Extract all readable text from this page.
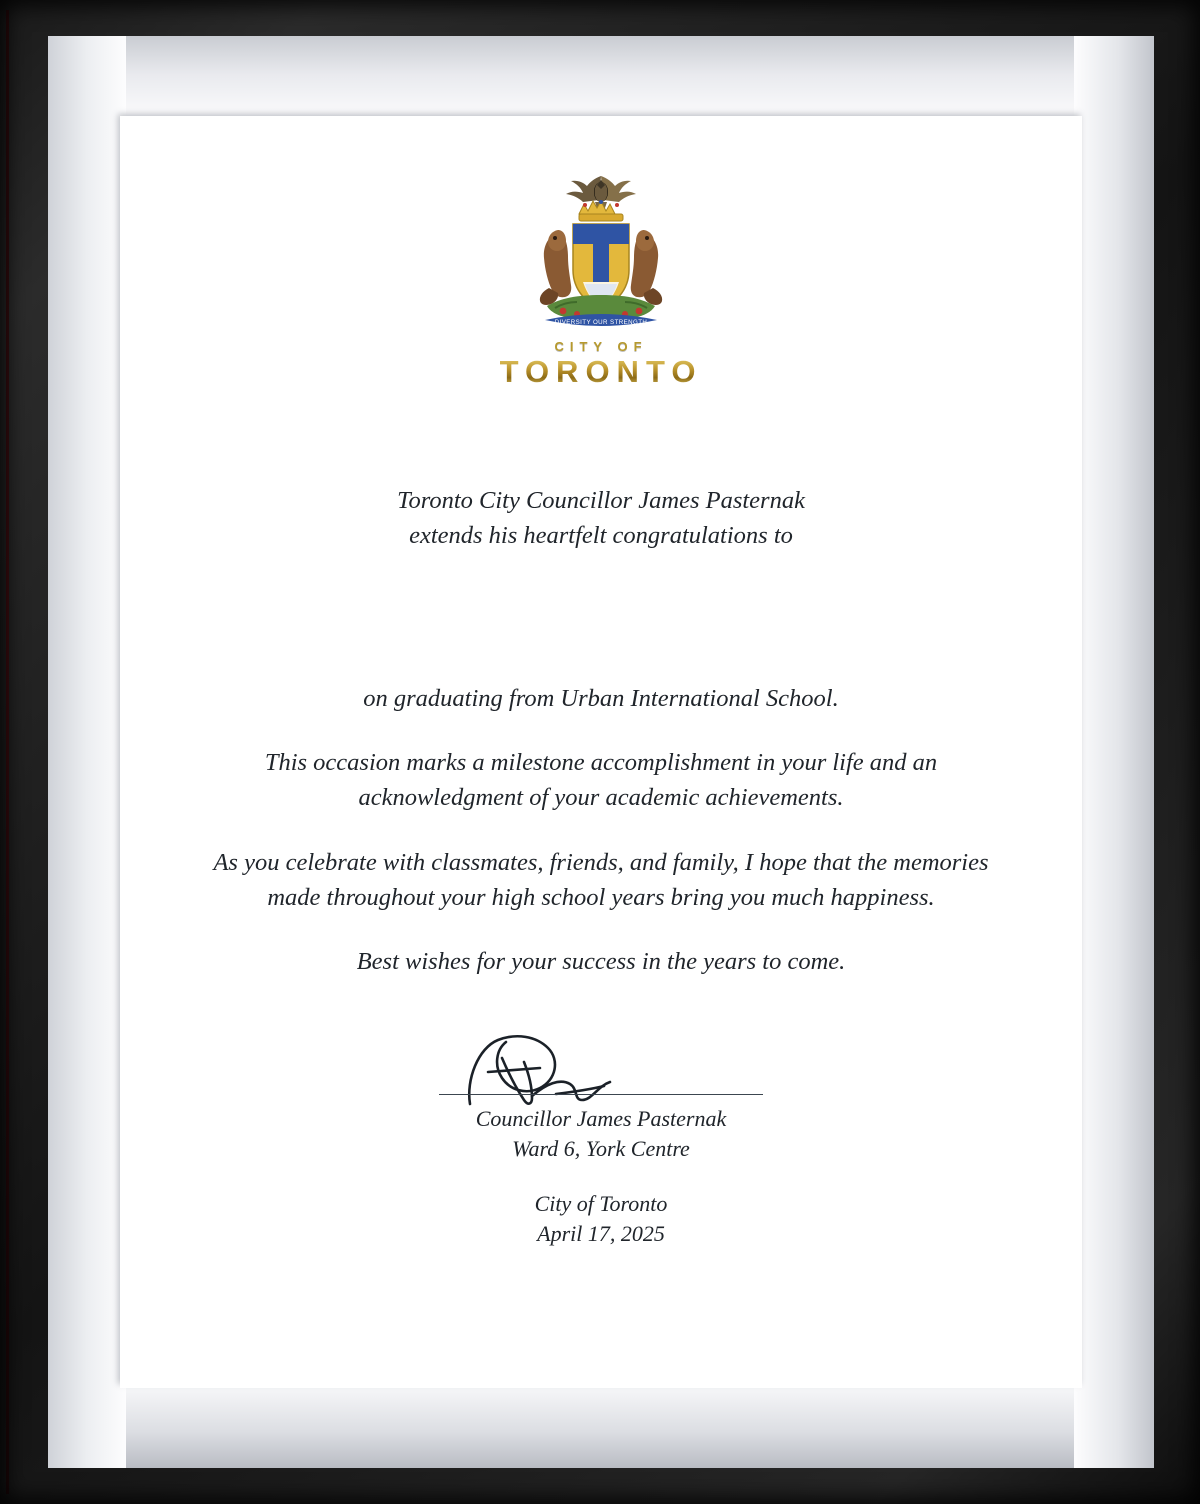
DIVERSITY OUR STRENGTH
CITY OF
TORONTO
Toronto City Councillor James Pasternak
extends his heartfelt congratulations to

on graduating from Urban International School.

This occasion marks a milestone accomplishment in your life and an acknowledgment of your academic achievements.

As you celebrate with classmates, friends, and family, I hope that the memories made throughout your high school years bring you much happiness.

Best wishes for your success in the years to come.

Councillor James Pasternak
Ward 6, York Centre
City of Toronto
April 17, 2025
